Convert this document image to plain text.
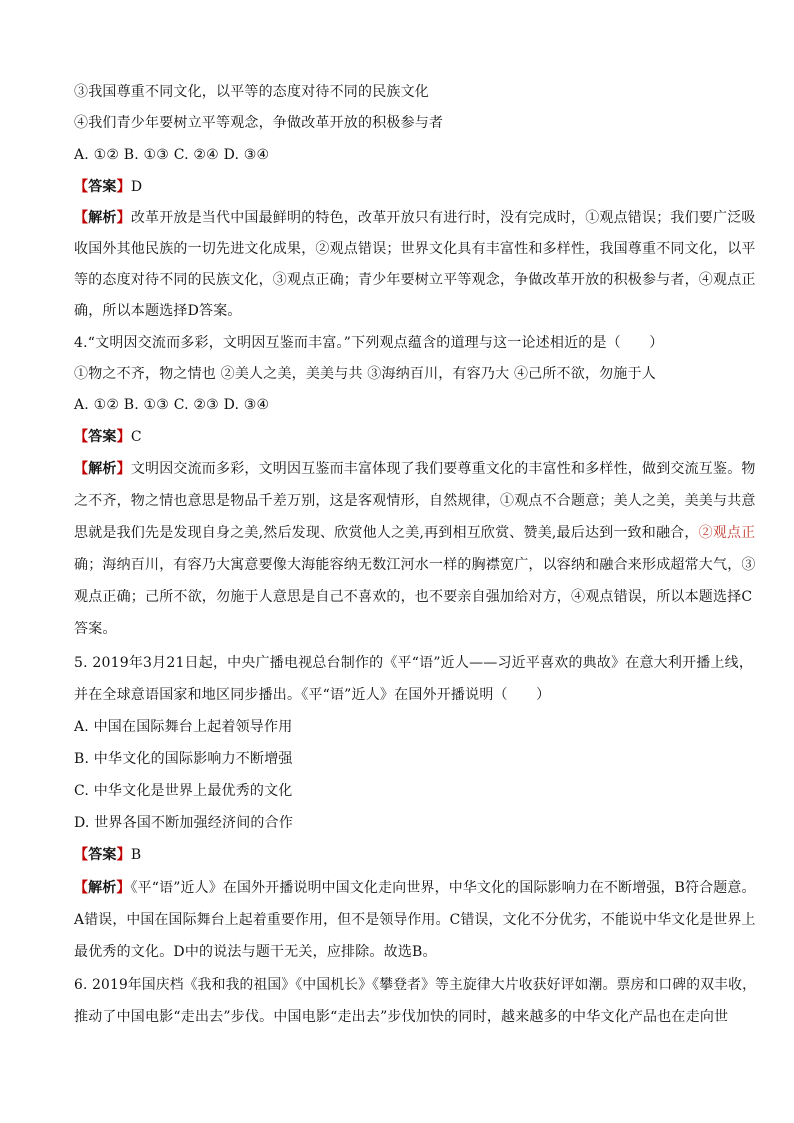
③我国尊重不同文化，以平等的态度对待不同的民族文化
④我们青少年要树立平等观念，争做改革开放的积极参与者
A. ①② B. ①③ C. ②④ D. ③④
【答案】D
【解析】改革开放是当代中国最鲜明的特色，改革开放只有进行时，没有完成时，①观点错误；我们要广泛吸
收国外其他民族的一切先进文化成果，②观点错误；世界文化具有丰富性和多样性，我国尊重不同文化，以平
等的态度对待不同的民族文化，③观点正确；青少年要树立平等观念，争做改革开放的积极参与者，④观点正
确，所以本题选择D答案。
4.“文明因交流而多彩，文明因互鉴而丰富。”下列观点蕴含的道理与这一论述相近的是（　　）
①物之不齐，物之情也 ②美人之美，美美与共 ③海纳百川，有容乃大 ④己所不欲，勿施于人
A. ①② B. ①③ C. ②③ D. ③④
【答案】C
【解析】文明因交流而多彩，文明因互鉴而丰富体现了我们要尊重文化的丰富性和多样性，做到交流互鉴。物
之不齐，物之情也意思是物品千差万别，这是客观情形，自然规律，①观点不合题意；美人之美，美美与共意
思就是我们先是发现自身之美,然后发现、欣赏他人之美,再到相互欣赏、赞美,最后达到一致和融合，②观点正
确；海纳百川，有容乃大寓意要像大海能容纳无数江河水一样的胸襟宽广，以容纳和融合来形成超常大气，③
观点正确；己所不欲，勿施于人意思是自己不喜欢的，也不要亲自强加给对方，④观点错误，所以本题选择C
答案。
5. 2019年3月21日起，中央广播电视总台制作的《平“语”近人——习近平喜欢的典故》在意大利开播上线，
并在全球意语国家和地区同步播出。《平“语”近人》在国外开播说明（　　）
A. 中国在国际舞台上起着领导作用
B. 中华文化的国际影响力不断增强
C. 中华文化是世界上最优秀的文化
D. 世界各国不断加强经济间的合作
【答案】B
【解析】《平“语”近人》在国外开播说明中国文化走向世界，中华文化的国际影响力在不断增强，B符合题意。
A错误，中国在国际舞台上起着重要作用，但不是领导作用。C错误，文化不分优劣，不能说中华文化是世界上
最优秀的文化。D中的说法与题干无关，应排除。故选B。
6. 2019年国庆档《我和我的祖国》《中国机长》《攀登者》等主旋律大片收获好评如潮。票房和口碑的双丰收，
推动了中国电影“走出去”步伐。中国电影“走出去”步伐加快的同时，越来越多的中华文化产品也在走向世
